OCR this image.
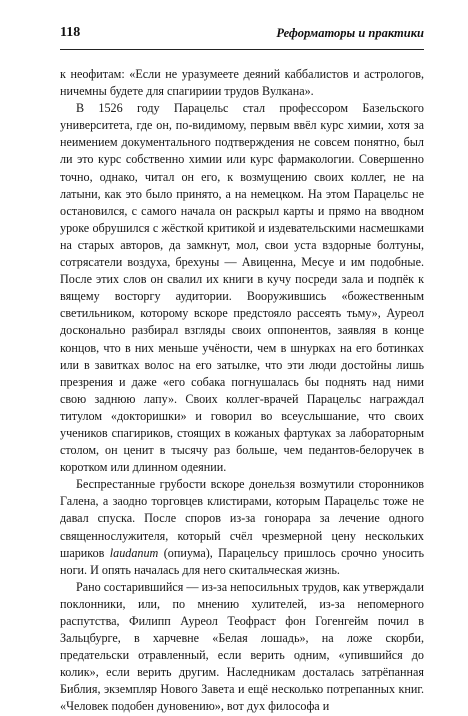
118	Реформаторы и практики

к неофитам: «Если не уразумеете деяний каббалистов и астрологов, ничемны будете для спагириии трудов Вулкана».

В 1526 году Парацельс стал профессором Базельского университета, где он, по-видимому, первым ввёл курс химии, хотя за неимением документального подтверждения не совсем понятно, был ли это курс собственно химии или курс фармакологии. Совершенно точно, однако, читал он его, к возмущению своих коллег, не на латыни, как это было принято, а на немецком. На этом Парацельс не остановился, с самого начала он раскрыл карты и прямо на вводном уроке обрушился с жёсткой критикой и издевательскими насмешками на старых авторов, да замкнут, мол, свои уста вздорные болтуны, сотрясатели воздуха, брехуны — Авиценна, Месуе и им подобные. После этих слов он свалил их книги в кучу посреди зала и подпёк к вящему восторгу аудитории. Вооружившись «божественным светильником, которому вскоре предстояло рассеять тьму», Ауреол досконально разбирал взгляды своих оппонентов, заявляя в конце концов, что в них меньше учёности, чем в шнурках на его ботинках или в завитках волос на его затылке, что эти люди достойны лишь презрения и даже «его собака погнушалась бы поднять над ними свою заднюю лапу». Своих коллег-врачей Парацельс награждал титулом «докторишки» и говорил во всеуслышание, что своих учеников спагириков, стоящих в кожаных фартуках за лабораторным столом, он ценит в тысячу раз больше, чем педантов-белоручек в коротком или длинном одеянии.

Беспрестанные грубости вскоре донельзя возмутили сторонников Галена, а заодно торговцев клистирами, которым Парацельс тоже не давал спуска. После споров из-за гонорара за лечение одного священнослужителя, который счёл чрезмерной цену нескольких шариков laudanum (опиума), Парацельсу пришлось срочно уносить ноги. И опять началась для него скитальческая жизнь.

Рано состарившийся — из-за непосильных трудов, как утверждали поклонники, или, по мнению хулителей, из-за непомерного распутства, Филипп Ауреол Теофраст фон Гогенгейм почил в Зальцбурге, в харчевне «Белая лошадь», на ложе скорби, предательски отравленный, если верить одним, «упившийся до колик», если верить другим. Наследникам досталась затрёпанная Библия, экземпляр Нового Завета и ещё несколько потрепанных книг. «Человек подобен дуновению», вот дух философа и
